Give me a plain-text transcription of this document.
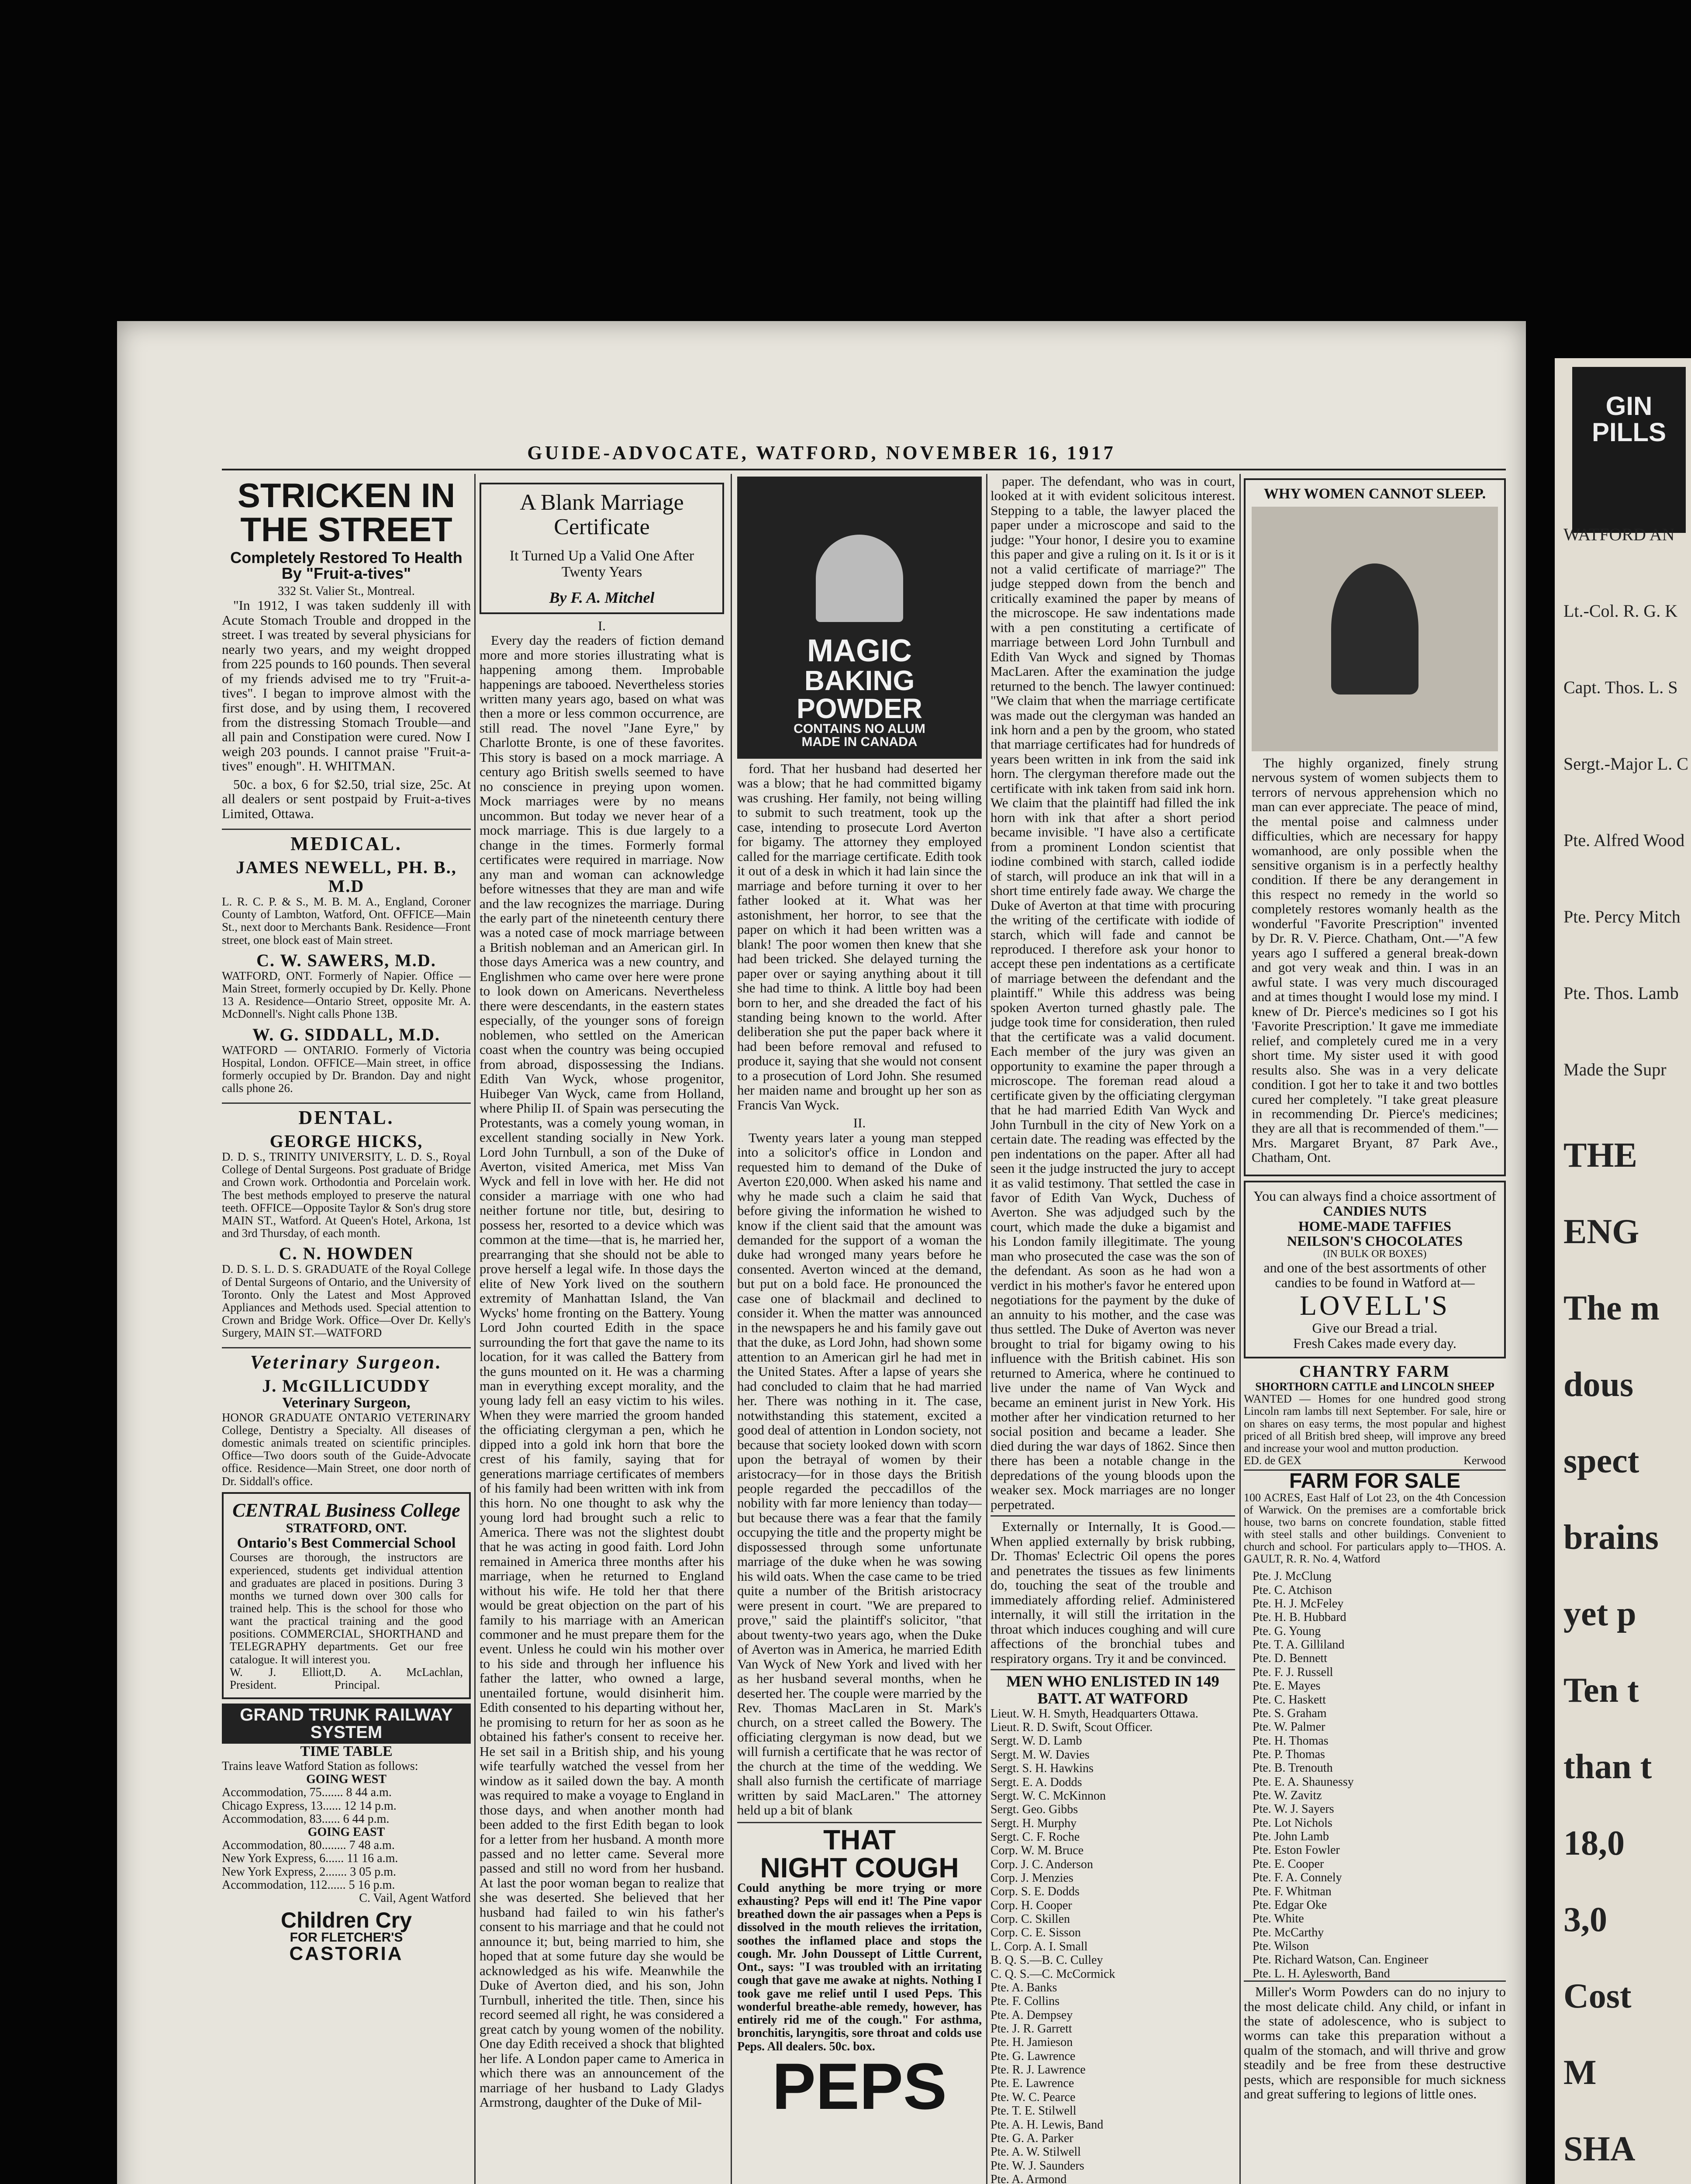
GUIDE-ADVOCATE, WATFORD, NOVEMBER 16, 1917
STRICKEN IN THE STREET
Completely Restored To Health By "Fruit-a-tives"
332 St. Valier St., Montreal.

"In 1912, I was taken suddenly ill with Acute Stomach Trouble and dropped in the street. I was treated by several physicians for nearly two years, and my weight dropped from 225 pounds to 160 pounds. Then several of my friends advised me to try "Fruit-a-tives". I began to improve almost with the first dose, and by using them, I recovered from the distressing Stomach Trouble—and all pain and Constipation were cured. Now I weigh 203 pounds. I cannot praise "Fruit-a-tives" enough". H. WHITMAN.

50c. a box, 6 for $2.50, trial size, 25c. At all dealers or sent postpaid by Fruit-a-tives Limited, Ottawa.

MEDICAL.
JAMES NEWELL, PH. B., M.D
L. R. C. P. & S., M. B. M. A., England, Coroner County of Lambton, Watford, Ont. OFFICE—Main St., next door to Merchants Bank. Residence—Front street, one block east of Main street.
C. W. SAWERS, M.D.
WATFORD, ONT. Formerly of Napier. Office — Main Street, formerly occupied by Dr. Kelly. Phone 13 A. Residence—Ontario Street, opposite Mr. A. McDonnell's. Night calls Phone 13B.
W. G. SIDDALL, M.D.
WATFORD — ONTARIO. Formerly of Victoria Hospital, London. OFFICE—Main street, in office formerly occupied by Dr. Brandon. Day and night calls phone 26.
DENTAL.
GEORGE HICKS,
D. D. S., TRINITY UNIVERSITY, L. D. S., Royal College of Dental Surgeons. Post graduate of Bridge and Crown work. Orthodontia and Porcelain work. The best methods employed to preserve the natural teeth. OFFICE—Opposite Taylor & Son's drug store MAIN ST., Watford. At Queen's Hotel, Arkona, 1st and 3rd Thursday, of each month.
C. N. HOWDEN
D. D. S. L. D. S. GRADUATE of the Royal College of Dental Surgeons of Ontario, and the University of Toronto. Only the Latest and Most Approved Appliances and Methods used. Special attention to Crown and Bridge Work. Office—Over Dr. Kelly's Surgery, MAIN ST.—WATFORD
Veterinary Surgeon.
J. McGILLICUDDY
Veterinary Surgeon,
HONOR GRADUATE ONTARIO VETERINARY College, Dentistry a Specialty. All diseases of domestic animals treated on scientific principles. Office—Two doors south of the Guide-Advocate office. Residence—Main Street, one door north of Dr. Siddall's office.
CENTRAL Business College
STRATFORD, ONT.
Ontario's Best Commercial School
Courses are thorough, the instructors are experienced, students get individual attention and graduates are placed in positions. During 3 months we turned down over 300 calls for trained help. This is the school for those who want the practical training and the good positions. COMMERCIAL, SHORTHAND and TELEGRAPHY departments. Get our free catalogue. It will interest you.
W. J. Elliott, President.
D. A. McLachlan, Principal.
GRAND TRUNK RAILWAY SYSTEM
TIME TABLE
Trains leave Watford Station as follows:
GOING WEST
Accommodation, 75....... 8 44 a.m.
Chicago Express, 13...... 12 14 p.m.
Accommodation, 83...... 6 44 p.m.
GOING EAST
Accommodation, 80........ 7 48 a.m.
New York Express, 6...... 11 16 a.m.
New York Express, 2....... 3 05 p.m.
Accommodation, 112...... 5 16 p.m.
C. Vail, Agent Watford
Children Cry
FOR FLETCHER'S
CASTORIA
A Blank Marriage Certificate
It Turned Up a Valid One After Twenty Years
By F. A. Mitchel
I.

Every day the readers of fiction demand more and more stories illustrating what is happening among them. Improbable happenings are tabooed. Nevertheless stories written many years ago, based on what was then a more or less common occurrence, are still read. The novel "Jane Eyre," by Charlotte Bronte, is one of these favorites. This story is based on a mock marriage. A century ago British swells seemed to have no conscience in preying upon women. Mock marriages were by no means uncommon. But today we never hear of a mock marriage. This is due largely to a change in the times. Formerly formal certificates were required in marriage. Now any man and woman can acknowledge before witnesses that they are man and wife and the law recognizes the marriage. During the early part of the nineteenth century there was a noted case of mock marriage between a British nobleman and an American girl. In those days America was a new country, and Englishmen who came over here were prone to look down on Americans. Nevertheless there were descendants, in the eastern states especially, of the younger sons of foreign noblemen, who settled on the American coast when the country was being occupied from abroad, dispossessing the Indians. Edith Van Wyck, whose progenitor, Huibeger Van Wyck, came from Holland, where Philip II. of Spain was persecuting the Protestants, was a comely young woman, in excellent standing socially in New York. Lord John Turnbull, a son of the Duke of Averton, visited America, met Miss Van Wyck and fell in love with her. He did not consider a marriage with one who had neither fortune nor title, but, desiring to possess her, resorted to a device which was common at the time—that is, he married her, prearranging that she should not be able to prove herself a legal wife. In those days the elite of New York lived on the southern extremity of Manhattan Island, the Van Wycks' home fronting on the Battery. Young Lord John courted Edith in the space surrounding the fort that gave the name to its location, for it was called the Battery from the guns mounted on it. He was a charming man in everything except morality, and the young lady fell an easy victim to his wiles. When they were married the groom handed the officiating clergyman a pen, which he dipped into a gold ink horn that bore the crest of his family, saying that for generations marriage certificates of members of his family had been written with ink from this horn. No one thought to ask why the young lord had brought such a relic to America. There was not the slightest doubt that he was acting in good faith. Lord John remained in America three months after his marriage, when he returned to England without his wife. He told her that there would be great objection on the part of his family to his marriage with an American commoner and he must prepare them for the event. Unless he could win his mother over to his side and through her influence his father the latter, who owned a large, unentailed fortune, would disinherit him. Edith consented to his departing without her, he promising to return for her as soon as he obtained his father's consent to receive her. He set sail in a British ship, and his young wife tearfully watched the vessel from her window as it sailed down the bay. A month was required to make a voyage to England in those days, and when another month had been added to the first Edith began to look for a letter from her husband. A month more passed and no letter came. Several more passed and still no word from her husband. At last the poor woman began to realize that she was deserted. She believed that her husband had failed to win his father's consent to his marriage and that he could not announce it; but, being married to him, she hoped that at some future day she would be acknowledged as his wife. Meanwhile the Duke of Averton died, and his son, John Turnbull, inherited the title. Then, since his record seemed all right, he was considered a great catch by young women of the nobility. One day Edith received a shock that blighted her life. A London paper came to America in which there was an announcement of the marriage of her husband to Lady Gladys Armstrong, daughter of the Duke of Mil-

MAGIC
BAKING
POWDER
CONTAINS NO ALUM
MADE IN CANADA

ford. That her husband had deserted her was a blow; that he had committed bigamy was crushing. Her family, not being willing to submit to such treatment, took up the case, intending to prosecute Lord Averton for bigamy. The attorney they employed called for the marriage certificate. Edith took it out of a desk in which it had lain since the marriage and before turning it over to her father looked at it. What was her astonishment, her horror, to see that the paper on which it had been written was a blank! The poor women then knew that she had been tricked. She delayed turning the paper over or saying anything about it till she had time to think. A little boy had been born to her, and she dreaded the fact of his standing being known to the world. After deliberation she put the paper back where it had been before removal and refused to produce it, saying that she would not consent to a prosecution of Lord John. She resumed her maiden name and brought up her son as Francis Van Wyck.

II.

Twenty years later a young man stepped into a solicitor's office in London and requested him to demand of the Duke of Averton £20,000. When asked his name and why he made such a claim he said that before giving the information he wished to know if the client said that the amount was demanded for the support of a woman the duke had wronged many years before he consented. Averton winced at the demand, but put on a bold face. He pronounced the case one of blackmail and declined to consider it. When the matter was announced in the newspapers he and his family gave out that the duke, as Lord John, had shown some attention to an American girl he had met in the United States. After a lapse of years she had concluded to claim that he had married her. There was nothing in it. The case, notwithstanding this statement, excited a good deal of attention in London society, not because that society looked down with scorn upon the betrayal of women by their aristocracy—for in those days the British people regarded the peccadillos of the nobility with far more leniency than today—but because there was a fear that the family occupying the title and the property might be dispossessed through some unfortunate marriage of the duke when he was sowing his wild oats. When the case came to be tried quite a number of the British aristocracy were present in court. "We are prepared to prove," said the plaintiff's solicitor, "that about twenty-two years ago, when the Duke of Averton was in America, he married Edith Van Wyck of New York and lived with her as her husband several months, when he deserted her. The couple were married by the Rev. Thomas MacLaren in St. Mark's church, on a street called the Bowery. The officiating clergyman is now dead, but we will furnish a certificate that he was rector of the church at the time of the wedding. We shall also furnish the certificate of marriage written by said MacLaren." The attorney held up a bit of blank

THAT
NIGHT COUGH
Could anything be more trying or more exhausting? Peps will end it! The Pine vapor breathed down the air passages when a Peps is dissolved in the mouth relieves the irritation, soothes the inflamed place and stops the cough. Mr. John Doussept of Little Current, Ont., says: "I was troubled with an irritating cough that gave me awake at nights. Nothing I took gave me relief until I used Peps. This wonderful breathe-able remedy, however, has entirely rid me of the cough." For asthma, bronchitis, laryngitis, sore throat and colds use Peps. All dealers. 50c. box.
PEPS

paper. The defendant, who was in court, looked at it with evident solicitous interest. Stepping to a table, the lawyer placed the paper under a microscope and said to the judge: "Your honor, I desire you to examine this paper and give a ruling on it. Is it or is it not a valid certificate of marriage?" The judge stepped down from the bench and critically examined the paper by means of the microscope. He saw indentations made with a pen constituting a certificate of marriage between Lord John Turnbull and Edith Van Wyck and signed by Thomas MacLaren. After the examination the judge returned to the bench. The lawyer continued: "We claim that when the marriage certificate was made out the clergyman was handed an ink horn and a pen by the groom, who stated that marriage certificates had for hundreds of years been written in ink from the said ink horn. The clergyman therefore made out the certificate with ink taken from said ink horn. We claim that the plaintiff had filled the ink horn with ink that after a short period became invisible. "I have also a certificate from a prominent London scientist that iodine combined with starch, called iodide of starch, will produce an ink that will in a short time entirely fade away. We charge the Duke of Averton at that time with procuring the writing of the certificate with iodide of starch, which will fade and cannot be reproduced. I therefore ask your honor to accept these pen indentations as a certificate of marriage between the defendant and the plaintiff." While this address was being spoken Averton turned ghastly pale. The judge took time for consideration, then ruled that the certificate was a valid document. Each member of the jury was given an opportunity to examine the paper through a microscope. The foreman read aloud a certificate given by the officiating clergyman that he had married Edith Van Wyck and John Turnbull in the city of New York on a certain date. The reading was effected by the pen indentations on the paper. After all had seen it the judge instructed the jury to accept it as valid testimony. That settled the case in favor of Edith Van Wyck, Duchess of Averton. She was adjudged such by the court, which made the duke a bigamist and his London family illegitimate. The young man who prosecuted the case was the son of the defendant. As soon as he had won a verdict in his mother's favor he entered upon negotiations for the payment by the duke of an annuity to his mother, and the case was thus settled. The Duke of Averton was never brought to trial for bigamy owing to his influence with the British cabinet. His son returned to America, where he continued to live under the name of Van Wyck and became an eminent jurist in New York. His mother after her vindication returned to her social position and became a leader. She died during the war days of 1862. Since then there has been a notable change in the depredations of the young bloods upon the weaker sex. Mock marriages are no longer perpetrated.

Externally or Internally, It is Good.—When applied externally by brisk rubbing, Dr. Thomas' Eclectric Oil opens the pores and penetrates the tissues as few liniments do, touching the seat of the trouble and immediately affording relief. Administered internally, it will still the irritation in the throat which induces coughing and will cure affections of the bronchial tubes and respiratory organs. Try it and be convinced.

MEN WHO ENLISTED IN 149 BATT. AT WATFORD
Lieut. W. H. Smyth, Headquarters Ottawa.
Lieut. R. D. Swift, Scout Officer.
Sergt. W. D. Lamb
Sergt. M. W. Davies
Sergt. S. H. Hawkins
Sergt. E. A. Dodds
Sergt. W. C. McKinnon
Sergt. Geo. Gibbs
Sergt. H. Murphy
Sergt. C. F. Roche
Corp. W. M. Bruce
Corp. J. C. Anderson
Corp. J. Menzies
Corp. S. E. Dodds
Corp. H. Cooper
Corp. C. Skillen
Corp. C. E. Sisson
L. Corp. A. I. Small
B. Q. S.—B. C. Culley
C. Q. S.—C. McCormick
Pte. A. Banks
Pte. F. Collins
Pte. A. Dempsey
Pte. J. R. Garrett
Pte. H. Jamieson
Pte. G. Lawrence
Pte. R. J. Lawrence
Pte. E. Lawrence
Pte. W. C. Pearce
Pte. T. E. Stilwell
Pte. A. H. Lewis, Band
Pte. G. A. Parker
Pte. A. W. Stilwell
Pte. W. J. Saunders
Pte. A. Armond
WHY WOMEN CANNOT SLEEP.

The highly organized, finely strung nervous system of women subjects them to terrors of nervous apprehension which no man can ever appreciate. The peace of mind, the mental poise and calmness under difficulties, which are necessary for happy womanhood, are only possible when the sensitive organism is in a perfectly healthy condition. If there be any derangement in this respect no remedy in the world so completely restores womanly health as the wonderful "Favorite Prescription" invented by Dr. R. V. Pierce. Chatham, Ont.—"A few years ago I suffered a general break-down and got very weak and thin. I was in an awful state. I was very much discouraged and at times thought I would lose my mind. I knew of Dr. Pierce's medicines so I got his 'Favorite Prescription.' It gave me immediate relief, and completely cured me in a very short time. My sister used it with good results also. She was in a very delicate condition. I got her to take it and two bottles cured her completely. "I take great pleasure in recommending Dr. Pierce's medicines; they are all that is recommended of them."—Mrs. Margaret Bryant, 87 Park Ave., Chatham, Ont.

You can always find a choice assortment of
CANDIES NUTS
HOME-MADE TAFFIES
NEILSON'S CHOCOLATES
(IN BULK OR BOXES)
and one of the best assortments of other candies to be found in Watford at—
LOVELL'S
Give our Bread a trial.
Fresh Cakes made every day.
CHANTRY FARM
SHORTHORN CATTLE and LINCOLN SHEEP
WANTED — Homes for one hundred good strong Lincoln ram lambs till next September. For sale, hire or on shares on easy terms, the most popular and highest priced of all British bred sheep, will improve any breed and increase your wool and mutton production.
ED. de GEX	Kerwood
FARM FOR SALE
100 ACRES, East Half of Lot 23, on the 4th Concession of Warwick. On the premises are a comfortable brick house, two barns on concrete foundation, stable fitted with steel stalls and other buildings. Convenient to church and school. For particulars apply to—THOS. A. GAULT, R. R. No. 4, Watford
Pte. J. McClung
Pte. C. Atchison
Pte. H. J. McFeley
Pte. H. B. Hubbard
Pte. G. Young
Pte. T. A. Gilliland
Pte. D. Bennett
Pte. F. J. Russell
Pte. E. Mayes
Pte. C. Haskett
Pte. S. Graham
Pte. W. Palmer
Pte. H. Thomas
Pte. P. Thomas
Pte. B. Trenouth
Pte. E. A. Shaunessy
Pte. W. Zavitz
Pte. W. J. Sayers
Pte. Lot Nichols
Pte. John Lamb
Pte. Eston Fowler
Pte. E. Cooper
Pte. F. A. Connely
Pte. F. Whitman
Pte. Edgar Oke
Pte. White
Pte. McCarthy
Pte. Wilson
Pte. Richard Watson, Can. Engineer
Pte. L. H. Aylesworth, Band

Miller's Worm Powders can do no injury to the most delicate child. Any child, or infant in the state of adolescence, who is subject to worms can take this preparation without a qualm of the stomach, and will thrive and grow steadily and be free from these destructive pests, which are responsible for much sickness and great suffering to legions of little ones.

GIN PILLS
WATFORD AN
Lt.-Col. R. G. K
Capt. Thos. L. S
Sergt.-Major L. C
Pte. Alfred Wood
Pte. Percy Mitch
Pte. Thos. Lamb
Made the Supr
THE
ENG
The m
dous
spect
brains
yet p
Ten t
than t
18,0
3,0
Cost
M
SHA
